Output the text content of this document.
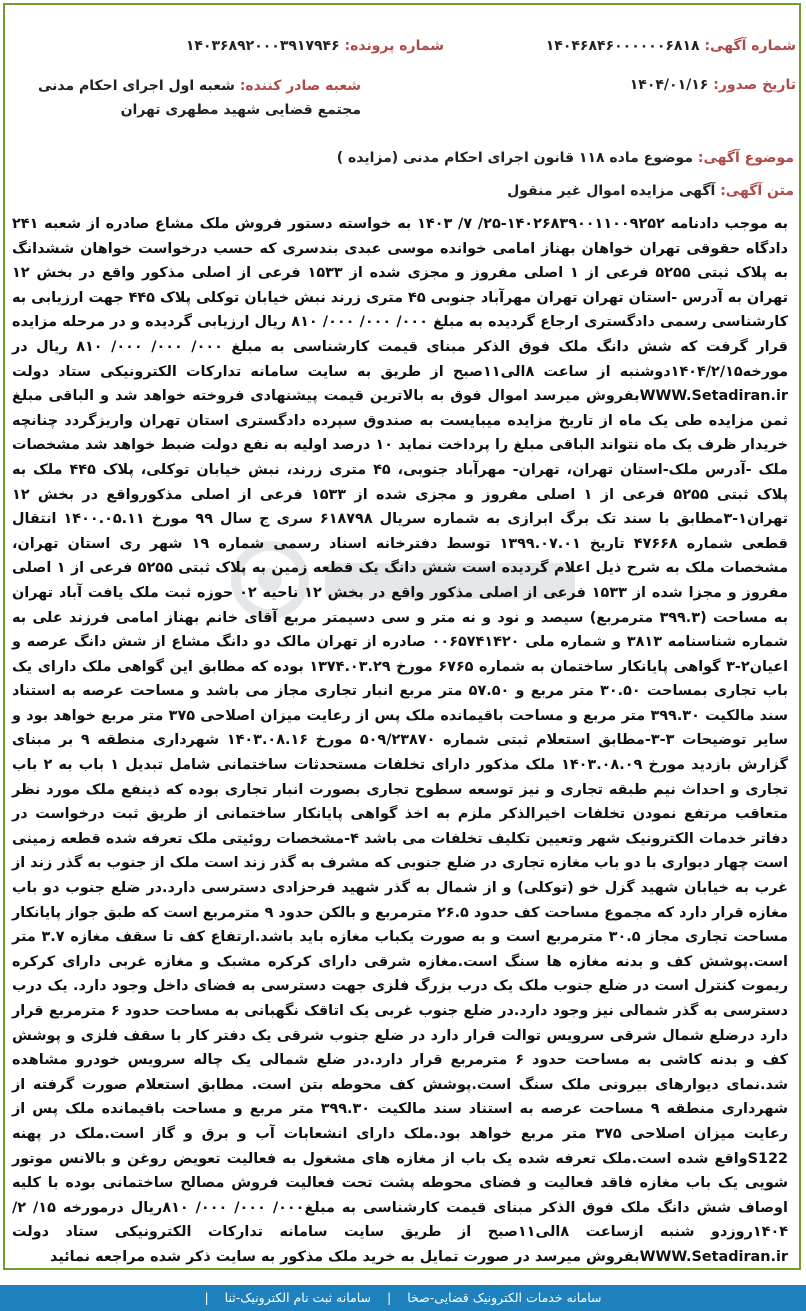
شماره آگهی: ۱۴۰۴۶۸۴۶۰۰۰۰۰۰۶۸۱۸
شماره پرونده: ۱۴۰۳۶۸۹۲۰۰۰۳۹۱۷۹۴۶
تاریخ صدور: ۱۴۰۴/۰۱/۱۶
شعبه صادر کننده: شعبه اول اجرای احکام مدنی مجتمع قضایی شهید مطهری تهران
موضوع آگهی: موضوع ماده ۱۱۸ قانون اجرای احکام مدنی (مزایده )
متن آگهی: آگهی مزایده اموال غیر منقول
به موجب دادنامه ۱۴۰۲۶۸۳۹۰۰۱۱۰۰۹۲۵۲-۲۵/ ۷/ ۱۴۰۳ به خواسته دستور فروش ملک مشاع صادره از شعبه ۲۴۱ دادگاه حقوقی تهران خواهان بهناز امامی خوانده موسی عبدی بندسری که حسب درخواست خواهان ششدانگ به پلاک ثبتی ۵۲۵۵ فرعی از ۱ اصلی مفروز و مجزی شده از ۱۵۳۳ فرعی از اصلی مذکور واقع در بخش ۱۲ تهران به آدرس -استان تهران تهران مهرآباد جنوبی ۴۵ متری زرند نبش خیابان توکلی پلاک ۴۴۵ جهت ارزیابی به کارشناسی رسمی دادگستری ارجاع گردیده به مبلغ ۰۰۰/ ۰۰۰/ ۰۰۰/ ۸۱۰ ریال ارزیابی گردیده و در مرحله مزایده قرار گرفت که شش دانگ ملک فوق الذکر مبنای قیمت کارشناسی به مبلغ ۰۰۰/ ۰۰۰/ ۰۰۰/ ۸۱۰ ریال در مورخه۱۴۰۴/۲/۱۵دوشنبه از ساعت ۸الی۱۱صبح از طریق به سایت سامانه تدارکات الکترونیکی ستاد دولت WWW.Setadiran.irبفروش میرسد اموال فوق به بالاترین قیمت پیشنهادی فروخته خواهد شد و الباقی مبلغ ثمن مزایده طی یک ماه از تاریخ مزایده میبایست به صندوق سپرده دادگستری استان تهران واریزگردد چنانچه خریدار ظرف یک ماه نتواند الباقی مبلغ را پرداخت نماید ۱۰ درصد اولیه به نفع دولت ضبط خواهد شد مشخصات ملک -آدرس ملک-استان تهران، تهران- مهرآباد جنوبی، ۴۵ متری زرند، نبش خیابان توکلی، پلاک ۴۴۵ ملک به پلاک ثبتی ۵۲۵۵ فرعی از ۱ اصلی مفروز و مجزی شده از ۱۵۳۳ فرعی از اصلی مذکورواقع در بخش ۱۲ تهران۱-۳مطابق با سند تک برگ ابرازی به شماره سریال ۶۱۸۷۹۸ سری ج سال ۹۹ مورخ ۱۴۰۰.۰۵.۱۱ انتقال قطعی شماره ۴۷۶۶۸ تاریخ ۱۳۹۹.۰۷.۰۱ توسط دفترخانه اسناد رسمی شماره ۱۹ شهر ری استان تهران، مشخصات ملک به شرح ذیل اعلام گردیده است شش دانگ یک قطعه زمین به پلاک ثبتی ۵۲۵۵ فرعی از ۱ اصلی مفروز و مجزا شده از ۱۵۳۳ فرعی از اصلی مذکور واقع در بخش ۱۲ ناحیه ۰۲ حوزه ثبت ملک یافت آباد تهران به مساحت (۳۹۹.۳ مترمربع) سیصد و نود و نه متر و سی دسیمتر مربع آقای خانم بهناز امامی فرزند علی به شماره شناسنامه ۳۸۱۳ و شماره ملی ۰۰۶۵۷۴۱۴۲۰ صادره از تهران مالک دو دانگ مشاع از شش دانگ عرصه و اعیان۲-۳ گواهی پایانکار ساختمان به شماره ۶۷۶۵ مورخ ۱۳۷۴.۰۳.۲۹ بوده که مطابق این گواهی ملک دارای یک باب تجاری بمساحت ۳۰.۵۰ متر مربع و ۵۷.۵۰ متر مربع انبار تجاری مجاز می باشد و مساحت عرصه به استناد سند مالکیت ۳۹۹.۳۰ متر مربع و مساحت باقیمانده ملک پس از رعایت میزان اصلاحی ۳۷۵ متر مربع خواهد بود و سایر توضیحات ۳-۳-مطابق استعلام ثبتی شماره ۵۰۹/۲۳۸۷۰ مورخ ۱۴۰۳.۰۸.۱۶ شهرداری منطقه ۹ بر مبنای گزارش بازدید مورخ ۱۴۰۳.۰۸.۰۹ ملک مذکور دارای تخلفات مستحدثات ساختمانی شامل تبدیل ۱ باب به ۲ باب تجاری و احداث نیم طبقه تجاری و نیز توسعه سطوح تجاری بصورت انبار تجاری بوده که ذینفع ملک مورد نظر متعاقب مرتفع نمودن تخلفات اخیرالذکر ملزم به اخذ گواهی پایانکار ساختمانی از طریق ثبت درخواست در دفاتر خدمات الکترونیک شهر وتعیین تکلیف تخلفات می باشد ۴-مشخصات روئیتی ملک تعرفه شده قطعه زمینی است چهار دیواری با دو باب مغازه تجاری در ضلع جنوبی که مشرف به گذر زند است ملک از جنوب به گذر زند از غرب به خیابان شهید گزل خو (توکلی) و از شمال به گذر شهید فرحزادی دسترسی دارد.در ضلع جنوب دو باب مغازه قرار دارد که مجموع مساحت کف حدود ۲۶.۵ مترمربع و بالکن حدود ۹ مترمربع است که طبق جواز پایانکار مساحت تجاری مجاز ۳۰.۵ مترمربع است و به صورت یکباب مغازه باید باشد.ارتفاع کف تا سقف مغازه ۳.۷ متر است.پوشش کف و بدنه مغازه ها سنگ است.مغازه شرقی دارای کرکره مشبک و مغازه غربی دارای کرکره ریموت کنترل است در ضلع جنوب ملک یک درب بزرگ فلزی جهت دسترسی به فضای داخل وجود دارد. یک درب دسترسی به گذر شمالی نیز وجود دارد.در ضلع جنوب غربی یک اتاقک نگهبانی به مساحت حدود ۶ مترمربع قرار دارد درضلع شمال شرقی سرویس توالت قرار دارد در ضلع جنوب شرقی یک دفتر کار با سقف فلزی و پوشش کف و بدنه کاشی به مساحت حدود ۶ مترمربع قرار دارد.در ضلع شمالی یک چاله سرویس خودرو مشاهده شد.نمای دیوارهای بیرونی ملک سنگ است.پوشش کف محوطه بتن است. مطابق استعلام صورت گرفته از شهرداری منطقه ۹ مساحت عرصه به استناد سند مالکیت ۳۹۹.۳۰ متر مربع و مساحت باقیمانده ملک پس از رعایت میزان اصلاحی ۳۷۵ متر مربع خواهد بود.ملک دارای انشعابات آب و برق و گاز است.ملک در پهنه S122واقع شده است.ملک تعرفه شده یک باب از مغازه های مشغول به فعالیت تعویض روغن و بالانس موتور شویی یک باب مغازه فاقد فعالیت و فضای محوطه پشت تحت فعالیت فروش مصالح ساختمانی بوده با کلیه اوصاف شش دانگ ملک فوق الذکر مبنای قیمت کارشناسی به مبلغ۰۰۰/ ۰۰۰/ ۰۰۰/ ۸۱۰ریال درمورخه ۱۵/ ۲/ ۱۴۰۴روزدو شنبه ازساعت ۸الی۱۱صبح از طریق سایت سامانه تدارکات الکترونیکی ستاد دولت WWW.Setadiran.irبفروش میرسد در صورت تمایل به خرید ملک مذکور به سایت ذکر شده مراجعه نمائید
سامانه خدمات الکترونیک قضایی-صخا | سامانه ثبت نام الکترونیک-ثنا |
